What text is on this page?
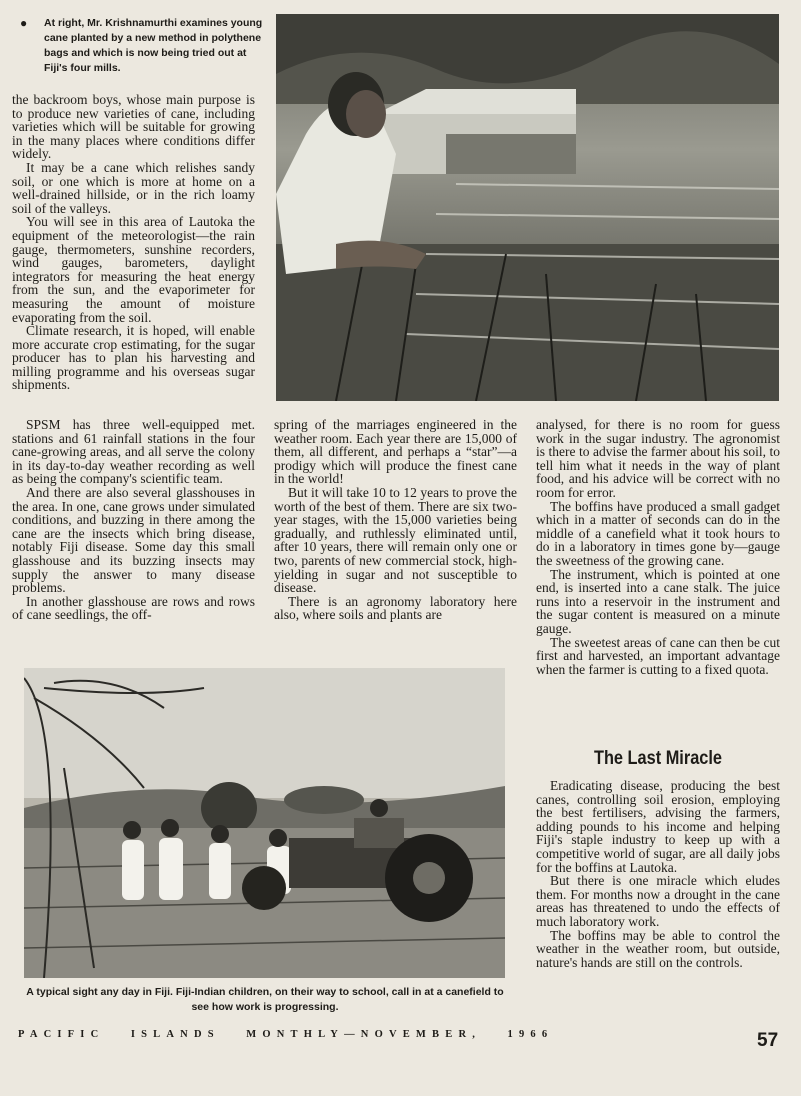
●	At right, Mr. Krishnamurthi examines young cane planted by a new method in polythene bags and which is now being tried out at Fiji's four mills.

the backroom boys, whose main purpose is to produce new varieties of cane, including varieties which will be suitable for growing in the many places where conditions differ widely.

It may be a cane which relishes sandy soil, or one which is more at home on a well-drained hillside, or in the rich loamy soil of the valleys.

You will see in this area of Lautoka the equipment of the meteorologist—the rain gauge, thermometers, sunshine recorders, wind gauges, barometers, daylight integrators for measuring the heat energy from the sun, and the evaporimeter for measuring the amount of moisture evaporating from the soil.

Climate research, it is hoped, will enable more accurate crop estimating, for the sugar producer has to plan his harvesting and milling programme and his overseas sugar shipments.

SPSM has three well-equipped met. stations and 61 rainfall stations in the four cane-growing areas, and all serve the colony in its day-to-day weather recording as well as being the company's scientific team.

And there are also several glasshouses in the area. In one, cane grows under simulated conditions, and buzzing in there among the cane are the insects which bring disease, notably Fiji disease. Some day this small glasshouse and its buzzing insects may supply the answer to many disease problems.

In another glasshouse are rows and rows of cane seedlings, the off-

spring of the marriages engineered in the weather room. Each year there are 15,000 of them, all different, and perhaps a “star”—a prodigy which will produce the finest cane in the world!

But it will take 10 to 12 years to prove the worth of the best of them. There are six two-year stages, with the 15,000 varieties being gradually, and ruthlessly eliminated until, after 10 years, there will remain only one or two, parents of new commercial stock, high-yielding in sugar and not susceptible to disease.

There is an agronomy laboratory here also, where soils and plants are

analysed, for there is no room for guess work in the sugar industry. The agronomist is there to advise the farmer about his soil, to tell him what it needs in the way of plant food, and his advice will be correct with no room for error.

The boffins have produced a small gadget which in a matter of seconds can do in the middle of a canefield what it took hours to do in a laboratory in times gone by—gauge the sweetness of the growing cane.

The instrument, which is pointed at one end, is inserted into a cane stalk. The juice runs into a reservoir in the instrument and the sugar content is measured on a minute gauge.

The sweetest areas of cane can then be cut first and harvested, an important advantage when the farmer is cutting to a fixed quota.

The Last Miracle

Eradicating disease, producing the best canes, controlling soil erosion, employing the best fertilisers, advising the farmers, adding pounds to his income and helping Fiji's staple industry to keep up with a competitive world of sugar, are all daily jobs for the boffins at Lautoka.

But there is one miracle which eludes them. For months now a drought in the cane areas has threatened to undo the effects of much laboratory work.

The boffins may be able to control the weather in the weather room, but outside, nature's hands are still on the controls.

A typical sight any day in Fiji. Fiji-Indian children, on their way to school, call in at a canefield to see how work is progressing.
PACIFIC   ISLANDS   MONTHLY—NOVEMBER,   1966	57
